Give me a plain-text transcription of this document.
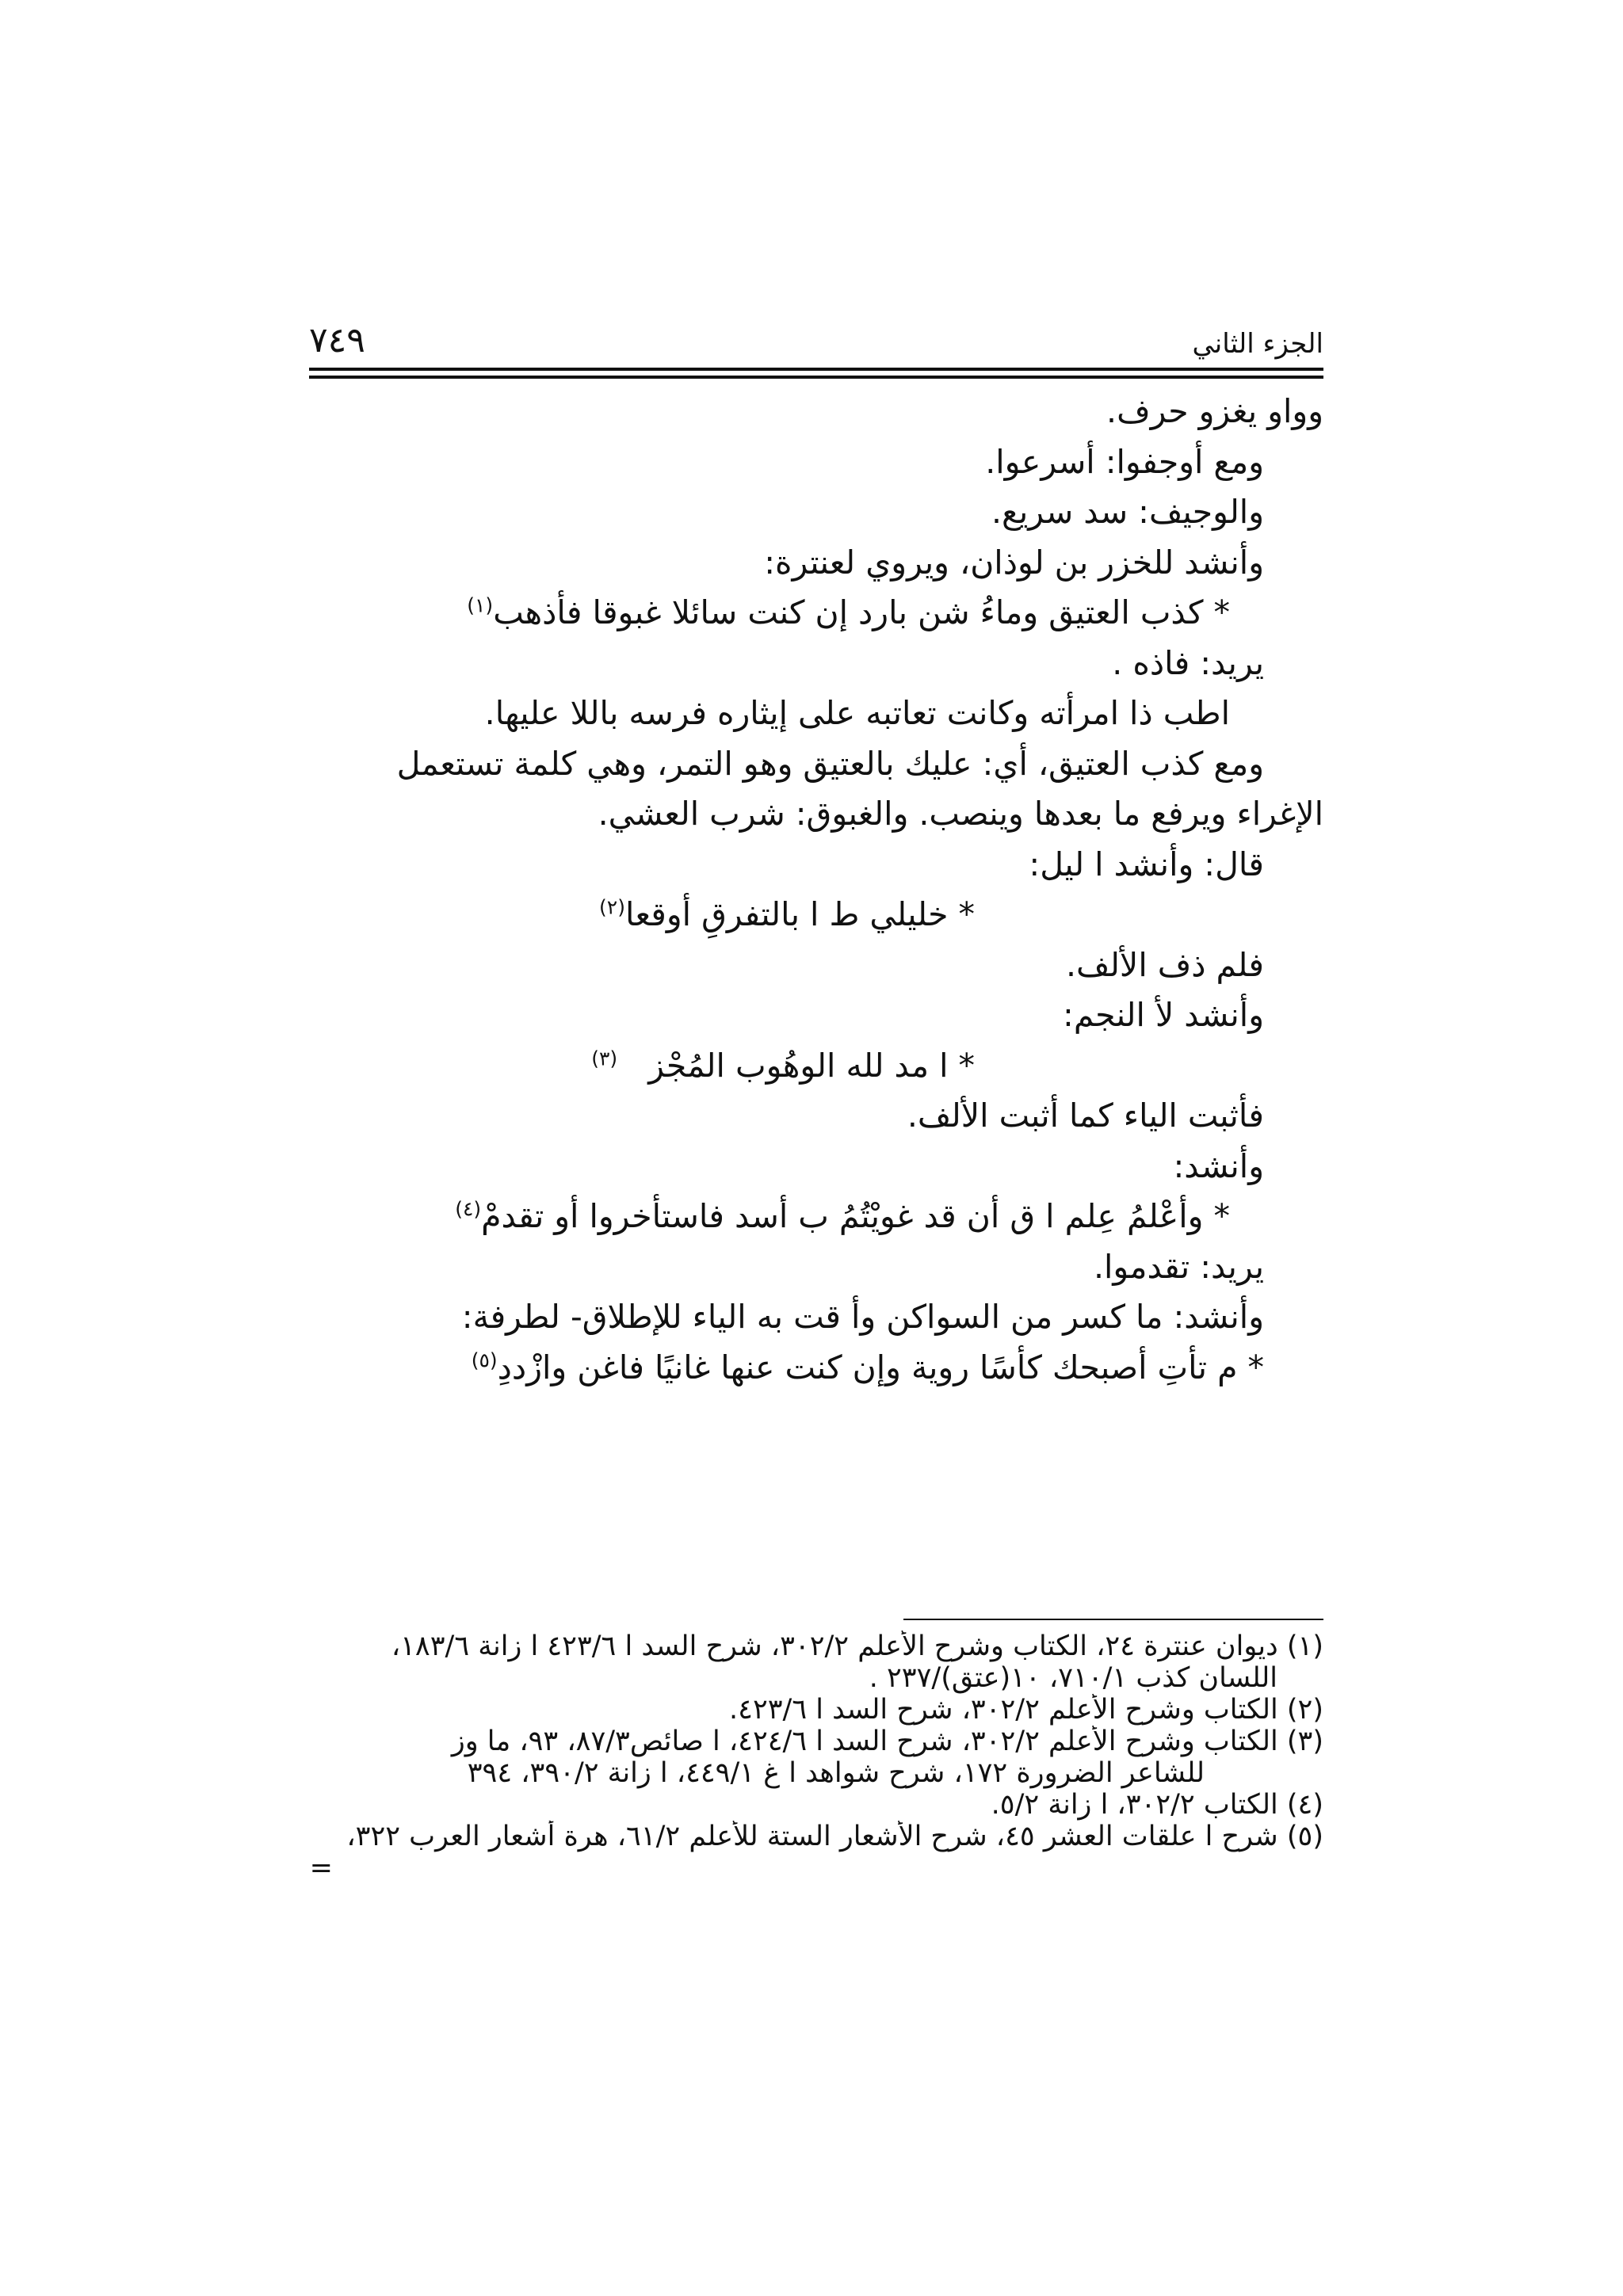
الجزء الثاني
٧٤٩
وواو يغزو حرف.
ومع أوجفوا: أسرعوا.
والوجيف: سد سريع.
وأنشد للخزر بن لوذان، ويروي لعنترة:
* كذب العتيق وماءُ شن بارد إن كنت سائلا غبوقا فأذهب$^{(١)}$
يريد: فاذه .
اطب ذا امرأته وكانت تعاتبه على إيثاره فرسه باللا عليها.
ومع كذب العتيق، أي: عليك بالعتيق وهو التمر، وهي كلمة تستعمل
الإغراء ويرفع ما بعدها وينصب. والغبوق: شرب العشي.
قال: وأنشد ا ليل:
* خليلي ط ا بالتفرقِ أوقعا$^{(٢)}$
فلم ذف الألف.
وأنشد لأ النجم:
* ا مد لله الوهُوب المُجْز   $^{(٣)}$
فأثبت الياء كما أثبت الألف.
وأنشد:
* وأعْلمُ عِلم ا ق أن قد غويْتُمُ ب أسد فاستأخروا أو تقدمْ$^{(٤)}$
يريد: تقدموا.
وأنشد: ما كسر من السواكن وأ قت به الياء للإطلاق- لطرفة:
* م تأتِ أصبحك كأسًا روية وإن كنت عنها غانيًا فاغن وازْددِ$^{(٥)}$
(١) ديوان عنترة ٢٤، الكتاب وشرح الأعلم ٣٠٢/٢، شرح السد ا ٤٢٣/٦ ا زانة ١٨٣/٦،
اللسان كذب ٧١٠/١، ١٠(عتق)/٢٣٧ .
(٢) الكتاب وشرح الأعلم ٣٠٢/٢، شرح السد ا ٤٢٣/٦.
(٣) الكتاب وشرح الأعلم ٣٠٢/٢، شرح السد ا ٤٢٤/٦، ا صائص٨٧/٣، ٩٣، ما وز
للشاعر الضرورة ١٧٢، شرح شواهد ا غ ٤٤٩/١، ا زانة ٣٩٠/٢، ٣٩٤
(٤) الكتاب ٣٠٢/٢، ا زانة ٥/٢.
(٥) شرح ا علقات العشر ٤٥، شرح الأشعار الستة للأعلم ٦١/٢، هرة أشعار العرب ٣٢٢،
=
